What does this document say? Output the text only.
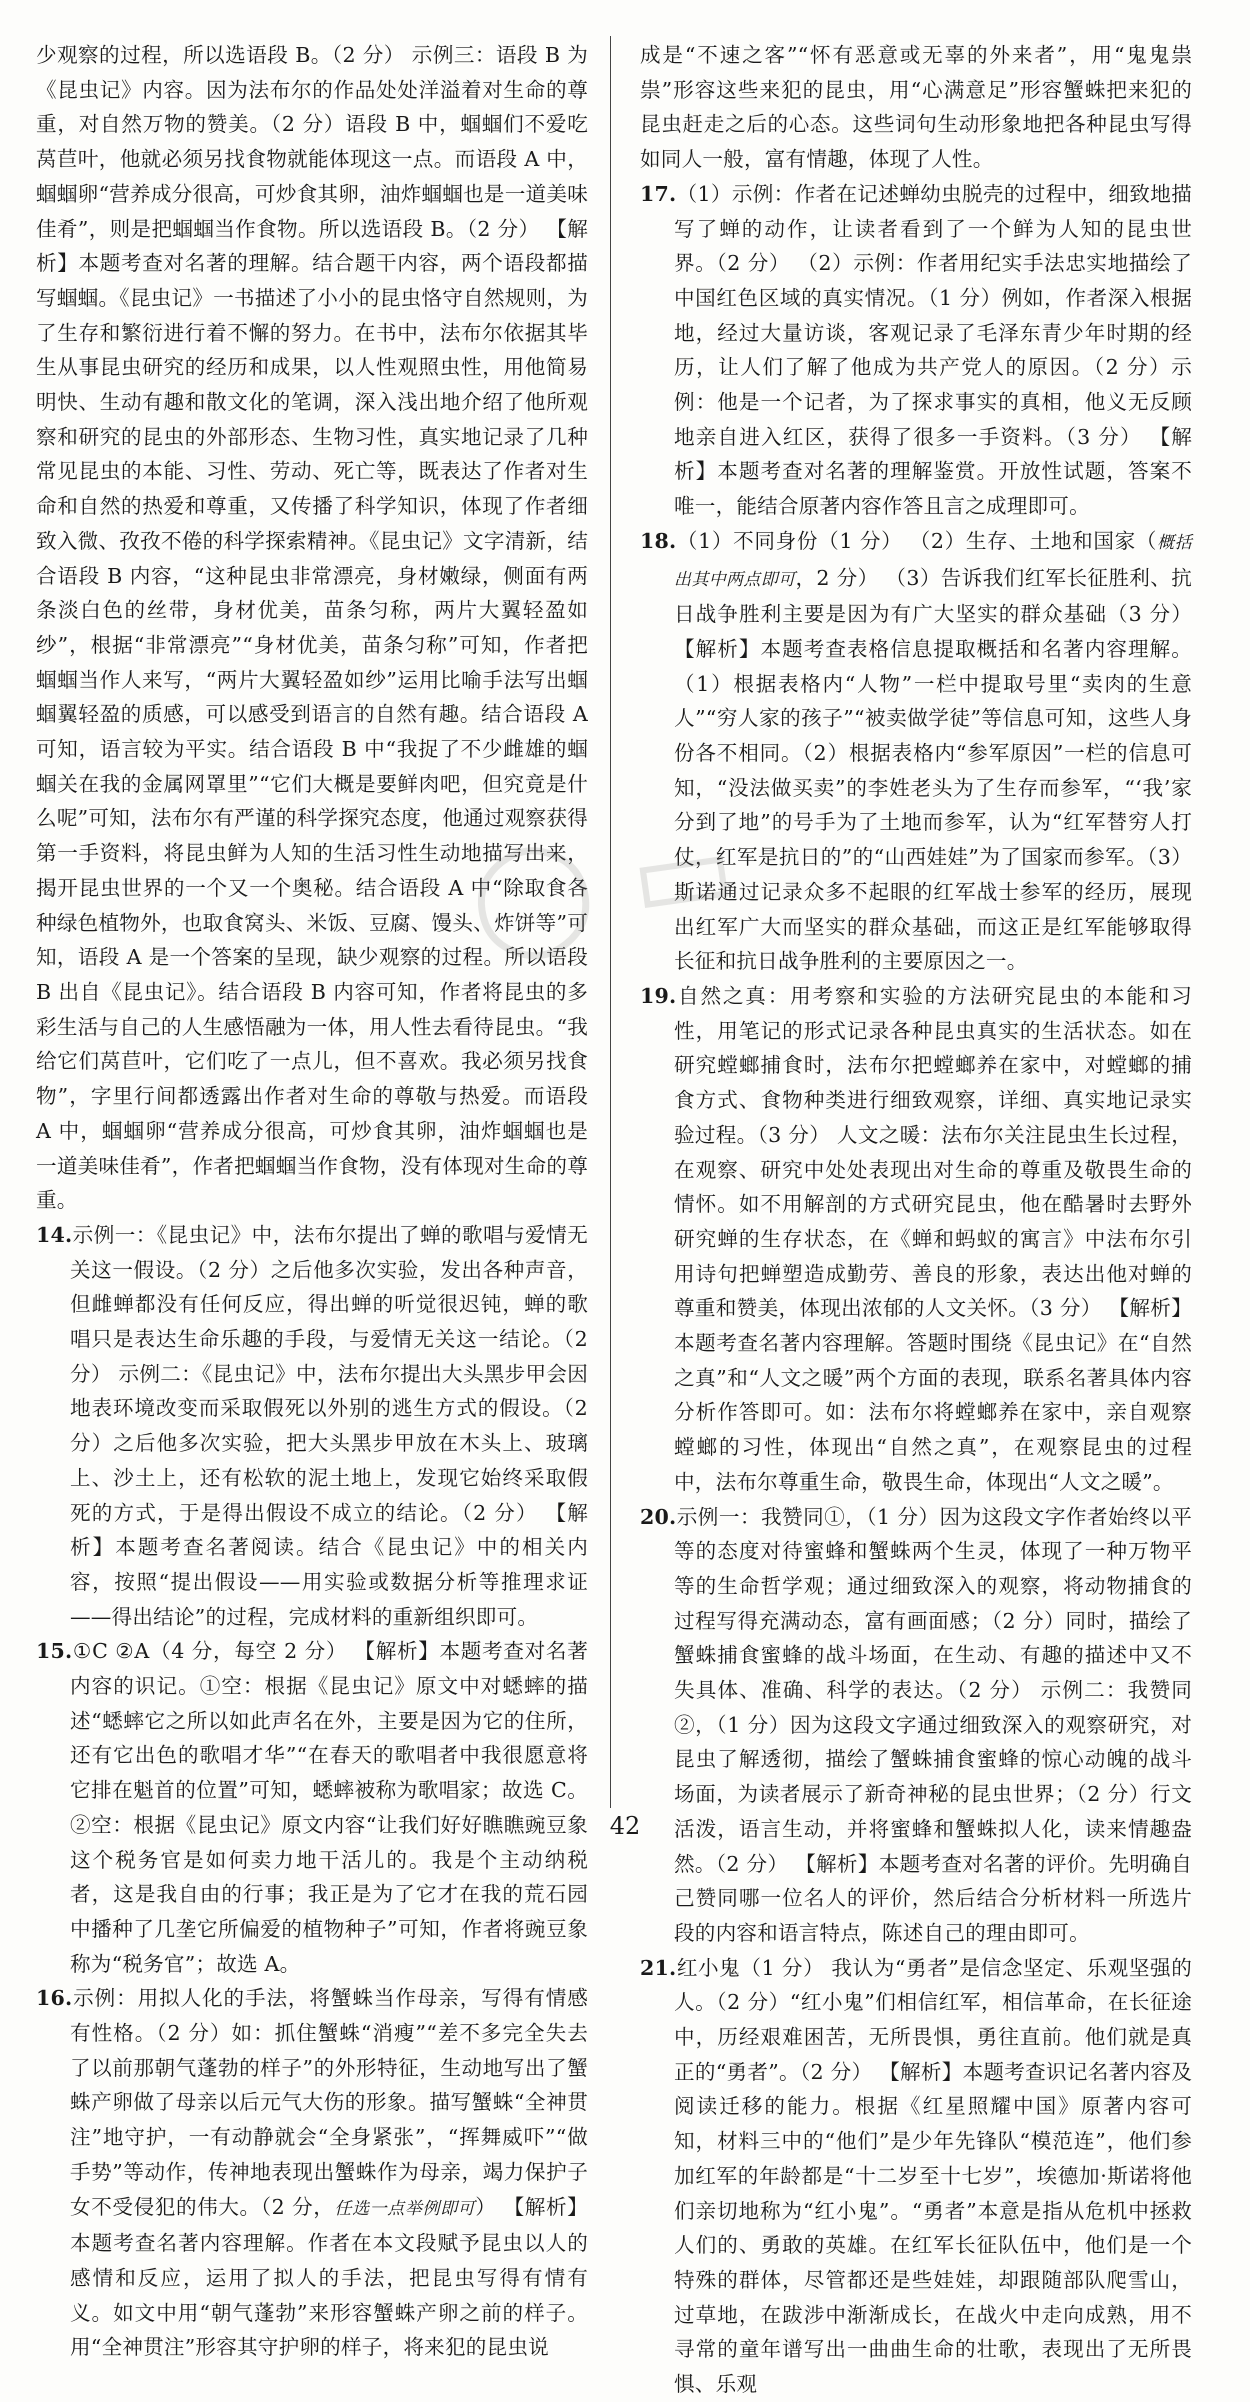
少观察的过程，所以选语段 B。（2 分） 示例三：语段 B 为《昆虫记》内容。因为法布尔的作品处处洋溢着对生命的尊重，对自然万物的赞美。（2 分）语段 B 中，蝈蝈们不爱吃莴苣叶，他就必须另找食物就能体现这一点。而语段 A 中，蝈蝈卵“营养成分很高，可炒食其卵，油炸蝈蝈也是一道美味佳肴”，则是把蝈蝈当作食物。所以选语段 B。（2 分） 【解析】本题考查对名著的理解。结合题干内容，两个语段都描写蝈蝈。《昆虫记》一书描述了小小的昆虫恪守自然规则，为了生存和繁衍进行着不懈的努力。在书中，法布尔依据其毕生从事昆虫研究的经历和成果，以人性观照虫性，用他简易明快、生动有趣和散文化的笔调，深入浅出地介绍了他所观察和研究的昆虫的外部形态、生物习性，真实地记录了几种常见昆虫的本能、习性、劳动、死亡等，既表达了作者对生命和自然的热爱和尊重，又传播了科学知识，体现了作者细致入微、孜孜不倦的科学探索精神。《昆虫记》文字清新，结合语段 B 内容，“这种昆虫非常漂亮，身材嫩绿，侧面有两条淡白色的丝带，身材优美，苗条匀称，两片大翼轻盈如纱”，根据“非常漂亮”“身材优美，苗条匀称”可知，作者把蝈蝈当作人来写，“两片大翼轻盈如纱”运用比喻手法写出蝈蝈翼轻盈的质感，可以感受到语言的自然有趣。结合语段 A 可知，语言较为平实。结合语段 B 中“我捉了不少雌雄的蝈蝈关在我的金属网罩里”“它们大概是要鲜肉吧，但究竟是什么呢”可知，法布尔有严谨的科学探究态度，他通过观察获得第一手资料，将昆虫鲜为人知的生活习性生动地描写出来，揭开昆虫世界的一个又一个奥秘。结合语段 A 中“除取食各种绿色植物外，也取食窝头、米饭、豆腐、馒头、炸饼等”可知，语段 A 是一个答案的呈现，缺少观察的过程。所以语段 B 出自《昆虫记》。结合语段 B 内容可知，作者将昆虫的多彩生活与自己的人生感悟融为一体，用人性去看待昆虫。“我给它们莴苣叶，它们吃了一点儿，但不喜欢。我必须另找食物”，字里行间都透露出作者对生命的尊敬与热爱。而语段 A 中，蝈蝈卵“营养成分很高，可炒食其卵，油炸蝈蝈也是一道美味佳肴”，作者把蝈蝈当作食物，没有体现对生命的尊重。

14.示例一：《昆虫记》中，法布尔提出了蝉的歌唱与爱情无关这一假设。（2 分）之后他多次实验，发出各种声音，但雌蝉都没有任何反应，得出蝉的听觉很迟钝，蝉的歌唱只是表达生命乐趣的手段，与爱情无关这一结论。（2 分） 示例二：《昆虫记》中，法布尔提出大头黑步甲会因地表环境改变而采取假死以外别的逃生方式的假设。（2 分）之后他多次实验，把大头黑步甲放在木头上、玻璃上、沙土上，还有松软的泥土地上，发现它始终采取假死的方式，于是得出假设不成立的结论。（2 分） 【解析】本题考查名著阅读。结合《昆虫记》中的相关内容，按照“提出假设——用实验或数据分析等推理求证——得出结论”的过程，完成材料的重新组织即可。

15.①C ②A（4 分，每空 2 分） 【解析】本题考查对名著内容的识记。①空：根据《昆虫记》原文中对蟋蟀的描述“蟋蟀它之所以如此声名在外，主要是因为它的住所，还有它出色的歌唱才华”“在春天的歌唱者中我很愿意将它排在魁首的位置”可知，蟋蟀被称为歌唱家；故选 C。②空：根据《昆虫记》原文内容“让我们好好瞧瞧豌豆象这个税务官是如何卖力地干活儿的。我是个主动纳税者，这是我自由的行事；我正是为了它才在我的荒石园中播种了几垄它所偏爱的植物种子”可知，作者将豌豆象称为“税务官”；故选 A。

16.示例：用拟人化的手法，将蟹蛛当作母亲，写得有情感有性格。（2 分）如：抓住蟹蛛“消瘦”“差不多完全失去了以前那朝气蓬勃的样子”的外形特征，生动地写出了蟹蛛产卵做了母亲以后元气大伤的形象。描写蟹蛛“全神贯注”地守护，一有动静就会“全身紧张”，“挥舞威吓”“做手势”等动作，传神地表现出蟹蛛作为母亲，竭力保护子女不受侵犯的伟大。（2 分，任选一点举例即可） 【解析】本题考查名著内容理解。作者在本文段赋予昆虫以人的感情和反应，运用了拟人的手法，把昆虫写得有情有义。如文中用“朝气蓬勃”来形容蟹蛛产卵之前的样子。用“全神贯注”形容其守护卵的样子，将来犯的昆虫说

成是“不速之客”“怀有恶意或无辜的外来者”，用“鬼鬼祟祟”形容这些来犯的昆虫，用“心满意足”形容蟹蛛把来犯的昆虫赶走之后的心态。这些词句生动形象地把各种昆虫写得如同人一般，富有情趣，体现了人性。

17.（1）示例：作者在记述蝉幼虫脱壳的过程中，细致地描写了蝉的动作，让读者看到了一个鲜为人知的昆虫世界。（2 分） （2）示例：作者用纪实手法忠实地描绘了中国红色区域的真实情况。（1 分）例如，作者深入根据地，经过大量访谈，客观记录了毛泽东青少年时期的经历，让人们了解了他成为共产党人的原因。（2 分）示例：他是一个记者，为了探求事实的真相，他义无反顾地亲自进入红区，获得了很多一手资料。（3 分） 【解析】本题考查对名著的理解鉴赏。开放性试题，答案不唯一，能结合原著内容作答且言之成理即可。

18.（1）不同身份（1 分） （2）生存、土地和国家（概括出其中两点即可，2 分） （3）告诉我们红军长征胜利、抗日战争胜利主要是因为有广大坚实的群众基础（3 分） 【解析】本题考查表格信息提取概括和名著内容理解。（1）根据表格内“人物”一栏中提取号里“卖肉的生意人”“穷人家的孩子”“被卖做学徒”等信息可知，这些人身份各不相同。（2）根据表格内“参军原因”一栏的信息可知，“没法做买卖”的李姓老头为了生存而参军，“‘我’家分到了地”的号手为了土地而参军，认为“红军替穷人打仗，红军是抗日的”的“山西娃娃”为了国家而参军。（3）斯诺通过记录众多不起眼的红军战士参军的经历，展现出红军广大而坚实的群众基础，而这正是红军能够取得长征和抗日战争胜利的主要原因之一。

19.自然之真：用考察和实验的方法研究昆虫的本能和习性，用笔记的形式记录各种昆虫真实的生活状态。如在研究螳螂捕食时，法布尔把螳螂养在家中，对螳螂的捕食方式、食物种类进行细致观察，详细、真实地记录实验过程。（3 分） 人文之暖：法布尔关注昆虫生长过程，在观察、研究中处处表现出对生命的尊重及敬畏生命的情怀。如不用解剖的方式研究昆虫，他在酷暑时去野外研究蝉的生存状态，在《蝉和蚂蚁的寓言》中法布尔引用诗句把蝉塑造成勤劳、善良的形象，表达出他对蝉的尊重和赞美，体现出浓郁的人文关怀。（3 分） 【解析】本题考查名著内容理解。答题时围绕《昆虫记》在“自然之真”和“人文之暖”两个方面的表现，联系名著具体内容分析作答即可。如：法布尔将螳螂养在家中，亲自观察螳螂的习性，体现出“自然之真”，在观察昆虫的过程中，法布尔尊重生命，敬畏生命，体现出“人文之暖”。

20.示例一：我赞同①，（1 分）因为这段文字作者始终以平等的态度对待蜜蜂和蟹蛛两个生灵，体现了一种万物平等的生命哲学观；通过细致深入的观察，将动物捕食的过程写得充满动态，富有画面感；（2 分）同时，描绘了蟹蛛捕食蜜蜂的战斗场面，在生动、有趣的描述中又不失具体、准确、科学的表达。（2 分） 示例二：我赞同②，（1 分）因为这段文字通过细致深入的观察研究，对昆虫了解透彻，描绘了蟹蛛捕食蜜蜂的惊心动魄的战斗场面，为读者展示了新奇神秘的昆虫世界；（2 分）行文活泼，语言生动，并将蜜蜂和蟹蛛拟人化，读来情趣盎然。（2 分） 【解析】本题考查对名著的评价。先明确自己赞同哪一位名人的评价，然后结合分析材料一所选片段的内容和语言特点，陈述自己的理由即可。

21.红小鬼（1 分） 我认为“勇者”是信念坚定、乐观坚强的人。（2 分）“红小鬼”们相信红军，相信革命，在长征途中，历经艰难困苦，无所畏惧，勇往直前。他们就是真正的“勇者”。（2 分） 【解析】本题考查识记名著内容及阅读迁移的能力。根据《红星照耀中国》原著内容可知，材料三中的“他们”是少年先锋队“模范连”，他们参加红军的年龄都是“十二岁至十七岁”，埃德加·斯诺将他们亲切地称为“红小鬼”。“勇者”本意是指从危机中拯救人们的、勇敢的英雄。在红军长征队伍中，他们是一个特殊的群体，尽管都还是些娃娃，却跟随部队爬雪山，过草地，在跋涉中渐渐成长，在战火中走向成熟，用不寻常的童年谱写出一曲曲生命的壮歌，表现出了无所畏惧、乐观

◯ ▭
42
